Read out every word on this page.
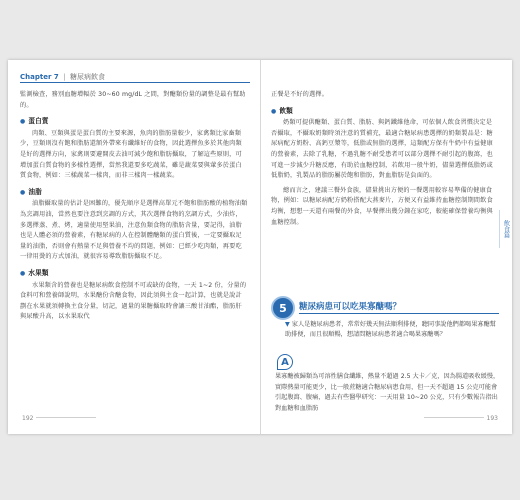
Chapter 7 | 糖尿病飲食

監測檢查，務別血糖增幅於 30~60 mg/dL 之間，對醣類份量的調整是最有幫助的。

● 蛋白質

肉類、豆類與蛋是蛋白質的主要來源，魚肉的脂肪量較少，家禽類比家畜類少，豆類則沒有飽和脂肪還額外帶來有纖維好的食物，因此選擇魚多於其他肉類是好的選擇方向，家禽則要避開皮去油可減少飽和脂肪攝取，了解這些原則，可增加蛋白質食物的多樣性選擇，當然我還要多吃蔬菜，雖是蔬菜要與葷多於蛋白質食物，例如：三樣蔬菜一樣肉，而非三樣肉一樣蔬菜。

● 油脂

油脂攝取量的估計是困難的，優先順序是選擇高單元不飽和脂肪酸的植物油類為烹調用油，當然也要注意到烹調的方式，其次選擇食物的烹調方式，少油炸，多選擇蒸、煮、烤，適量使用堅果油，注意魚類食物的脂肪含量，要記得，油脂也是人體必須的營養素，有糖尿病的人在控制體醣類的蛋白質後，一定要攝取足量的油脂，否則會有熱量不足與營養不均的問題，例如：已經少吃肉類，再要吃一律用燙的方式加油，就很容易導致脂肪攝取不足。

● 水果類

水果類含的營養也是糖尿病飲食控制不可或缺的食物，一天 1~2 份，分量的食料可和營養師說明，水果醣份含醣食物，因此須與主食一起計算，也就是說計劃在水果就須轉換主食分量，切記，過量的果糖攝取時會讓三酸甘油酯，脂肪肝與尿酸升高，以水果取代

192

正餐是不好的選擇。

● 飲類

奶類可提供醣類、蛋白質、脂肪、與鈣鐵維他命，可依個人飲食習慣決定是否攝取，不攝取奶類時須注意的質補充，最適合糖尿病患選擇的奶類製品是：糖尿病配方奶粉、高鈣豆漿等，低脂或無脂的選擇，這類配方保有牛奶中有益健康的營養素，去除了乳糖，不過乳糖不耐受患者可以部分選擇不耐引起的腹瀉，也可進一步減少升糖反應，有助於血糖控制，若飲用一般牛奶，儘量選擇低脂奶或低脂奶，乳製品的脂肪屬於飽和脂肪，對血脂肪是負面的。

總而言之，建議三餐外食族，儘量挑出方便的一餐選用較容易準備的健康食物，例如：以糖尿病配方奶粉搭配大燕麥片，方便又有益維持血糖控制期間飲食均衡，想想一天還有兩餐的外食，早餐擇出幾分鐘在家吃，較能確保營養均衡與血糖控制。	飲食篇
5	糖尿病患可以吃果寡醣嗎？
▼ 家人是糖尿病患者，常常好幾天無法順利排便，聽同事說他們都喝果寡醣幫助排便，而且很順暢，想請問糖尿病患者適合喝果寡醣嗎？
A
果寡醣被歸類為可溶性膳食纖維，熱量不超過 2.5 大卡／克，因為腸道吸收緩慢，實際熱量可能更少，比一般蔗糖適合糖尿病患食用，但一天不超過 15 公克可能會引起腹瀉、腹痛，過去有些醫學研究：一天用量 10~20 公克，只有少數報告指出對血糖和血脂肪
193
